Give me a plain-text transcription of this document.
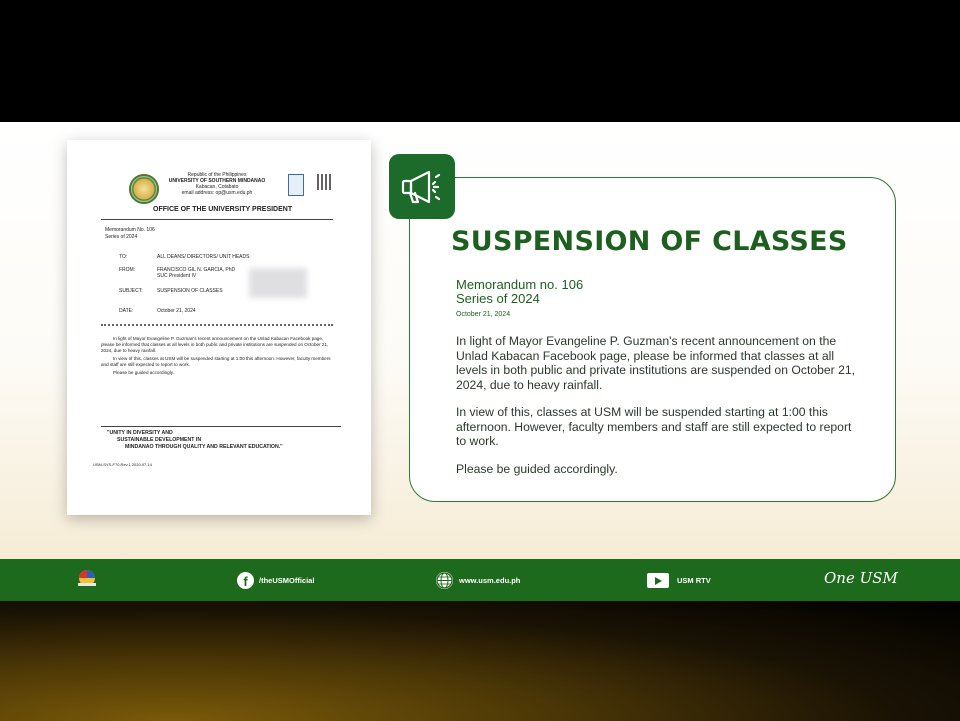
Republic of the Philippines
UNIVERSITY OF SOUTHERN MINDANAO
Kabacan, Cotabato
email address: op@usm.edu.ph
OFFICE OF THE UNIVERSITY PRESIDENT
Memorandum No. 106
Series of 2024
TO:	ALL DEANS/ DIRECTORS/ UNIT HEADS
FROM:	FRANCISCO GIL N. GARCIA, PhD
SUC President IV
SUBJECT:	SUSPENSION OF CLASSES
DATE:	October 21, 2024
In light of Mayor Evangeline P. Guzman's recent announcement on the Unlad Kabacan Facebook page, please be informed that classes at all levels in both public and private institutions are suspended on October 21, 2024, due to heavy rainfall.
In view of this, classes at USM will be suspended starting at 1:00 this afternoon. However, faculty members and staff are still expected to report to work.
Please be guided accordingly.
"UNITY IN DIVERSITY AND
SUSTAINABLE DEVELOPMENT IN
MINDANAO THROUGH QUALITY AND RELEVANT EDUCATION."
USM-SYS-F70.Rev.1.2020.07.14
SUSPENSION OF CLASSES
Memorandum no. 106
Series of 2024
October 21, 2024
In light of Mayor Evangeline P. Guzman's recent announcement on the Unlad Kabacan Facebook page, please be informed that classes at all levels in both public and private institutions are suspended on October 21, 2024, due to heavy rainfall.
In view of this, classes at USM will be suspended starting at 1:00 this afternoon. However, faculty members and staff are still expected to report to work.
Please be guided accordingly.
f	/theUSMOfficial	www.usm.edu.ph	USM RTV	One USM
